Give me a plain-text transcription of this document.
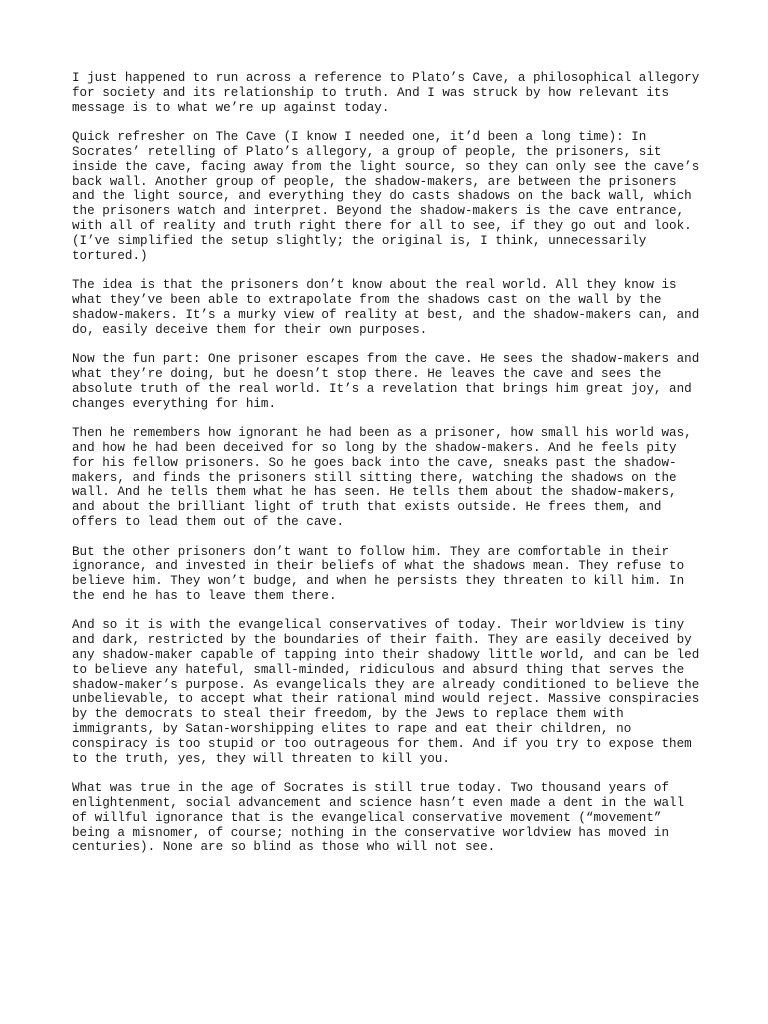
I just happened to run across a reference to Plato’s Cave, a philosophical allegory
for society and its relationship to truth. And I was struck by how relevant its
message is to what we’re up against today.

Quick refresher on The Cave (I know I needed one, it’d been a long time): In
Socrates’ retelling of Plato’s allegory, a group of people, the prisoners, sit
inside the cave, facing away from the light source, so they can only see the cave’s
back wall. Another group of people, the shadow-makers, are between the prisoners
and the light source, and everything they do casts shadows on the back wall, which
the prisoners watch and interpret. Beyond the shadow-makers is the cave entrance,
with all of reality and truth right there for all to see, if they go out and look.
(I’ve simplified the setup slightly; the original is, I think, unnecessarily
tortured.)

The idea is that the prisoners don’t know about the real world. All they know is
what they’ve been able to extrapolate from the shadows cast on the wall by the
shadow-makers. It’s a murky view of reality at best, and the shadow-makers can, and
do, easily deceive them for their own purposes.

Now the fun part: One prisoner escapes from the cave. He sees the shadow-makers and
what they’re doing, but he doesn’t stop there. He leaves the cave and sees the
absolute truth of the real world. It’s a revelation that brings him great joy, and
changes everything for him.

Then he remembers how ignorant he had been as a prisoner, how small his world was,
and how he had been deceived for so long by the shadow-makers. And he feels pity
for his fellow prisoners. So he goes back into the cave, sneaks past the shadow-
makers, and finds the prisoners still sitting there, watching the shadows on the
wall. And he tells them what he has seen. He tells them about the shadow-makers,
and about the brilliant light of truth that exists outside. He frees them, and
offers to lead them out of the cave.

But the other prisoners don’t want to follow him. They are comfortable in their
ignorance, and invested in their beliefs of what the shadows mean. They refuse to
believe him. They won’t budge, and when he persists they threaten to kill him. In
the end he has to leave them there.

And so it is with the evangelical conservatives of today. Their worldview is tiny
and dark, restricted by the boundaries of their faith. They are easily deceived by
any shadow-maker capable of tapping into their shadowy little world, and can be led
to believe any hateful, small-minded, ridiculous and absurd thing that serves the
shadow-maker’s purpose. As evangelicals they are already conditioned to believe the
unbelievable, to accept what their rational mind would reject. Massive conspiracies
by the democrats to steal their freedom, by the Jews to replace them with
immigrants, by Satan-worshipping elites to rape and eat their children, no
conspiracy is too stupid or too outrageous for them. And if you try to expose them
to the truth, yes, they will threaten to kill you.

What was true in the age of Socrates is still true today. Two thousand years of
enlightenment, social advancement and science hasn’t even made a dent in the wall
of willful ignorance that is the evangelical conservative movement (“movement”
being a misnomer, of course; nothing in the conservative worldview has moved in
centuries). None are so blind as those who will not see.
